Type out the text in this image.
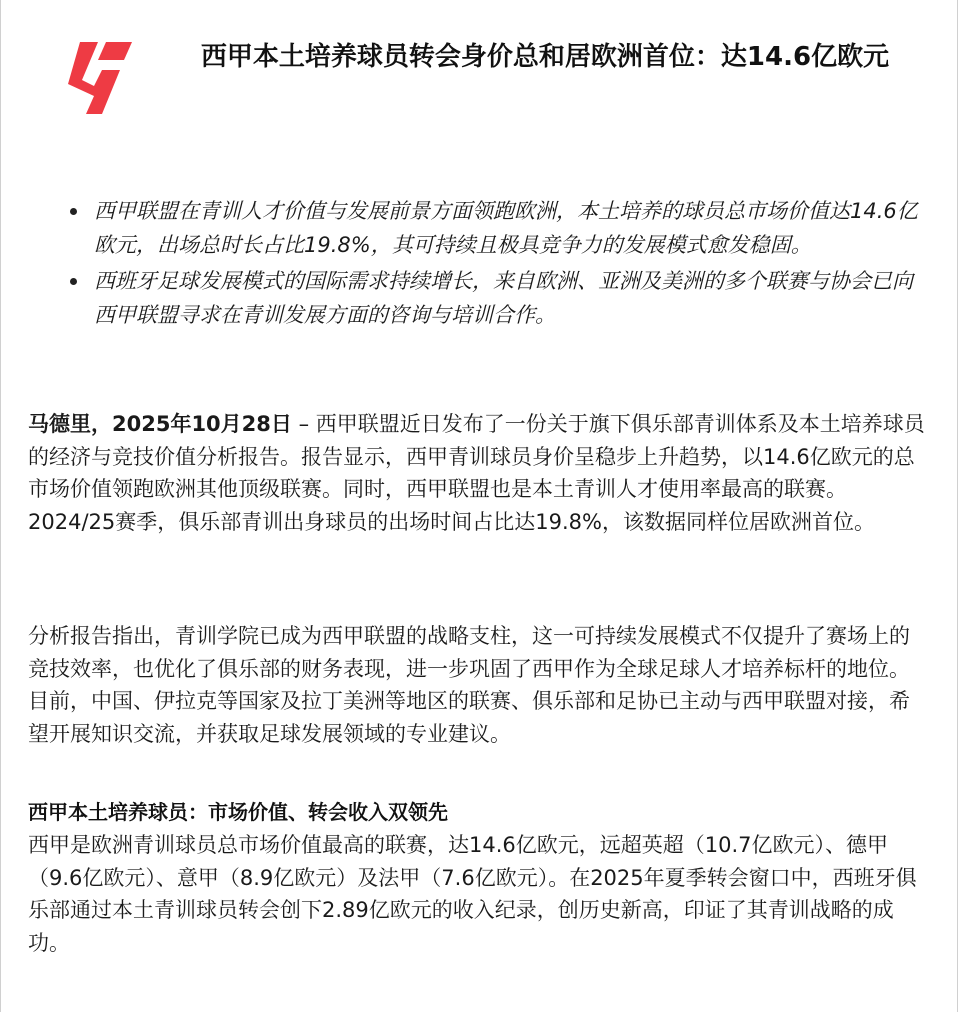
西甲本土培养球员转会身价总和居欧洲首位：达14.6亿欧元
西甲联盟在青训人才价值与发展前景方面领跑欧洲，本土培养的球员总市场价值达14.6亿欧元，出场总时长占比19.8%，其可持续且极具竞争力的发展模式愈发稳固。
西班牙足球发展模式的国际需求持续增长，来自欧洲、亚洲及美洲的多个联赛与协会已向西甲联盟寻求在青训发展方面的咨询与培训合作。

马德里，2025年10月28日 – 西甲联盟近日发布了一份关于旗下俱乐部青训体系及本土培养球员的经济与竞技价值分析报告。报告显示，西甲青训球员身价呈稳步上升趋势，以14.6亿欧元的总市场价值领跑欧洲其他顶级联赛。同时，西甲联盟也是本土青训人才使用率最高的联赛。2024/25赛季，俱乐部青训出身球员的出场时间占比达19.8%，该数据同样位居欧洲首位。

分析报告指出，青训学院已成为西甲联盟的战略支柱，这一可持续发展模式不仅提升了赛场上的竞技效率，也优化了俱乐部的财务表现，进一步巩固了西甲作为全球足球人才培养标杆的地位。目前，中国、伊拉克等国家及拉丁美洲等地区的联赛、俱乐部和足协已主动与西甲联盟对接，希望开展知识交流，并获取足球发展领域的专业建议。

西甲本土培养球员：市场价值、转会收入双领先

西甲是欧洲青训球员总市场价值最高的联赛，达14.6亿欧元，远超英超（10.7亿欧元）、德甲（9.6亿欧元）、意甲（8.9亿欧元）及法甲（7.6亿欧元）。在2025年夏季转会窗口中，西班牙俱乐部通过本土青训球员转会创下2.89亿欧元的收入纪录，创历史新高，印证了其青训战略的成功。
